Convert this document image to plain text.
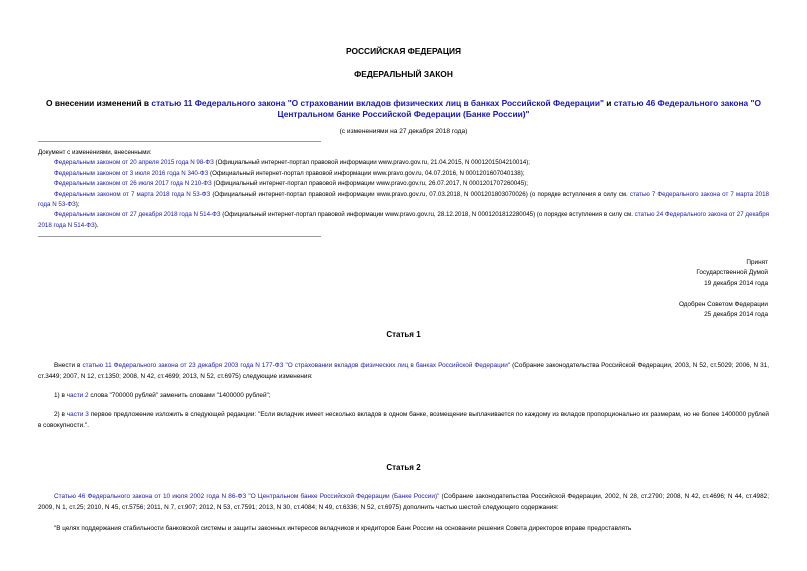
РОССИЙСКАЯ ФЕДЕРАЦИЯ
ФЕДЕРАЛЬНЫЙ ЗАКОН
О внесении изменений в статью 11 Федерального закона "О страховании вкладов физических лиц в банках Российской Федерации" и статью 46 Федерального закона "О Центральном банке Российской Федерации (Банке России)"
(с изменениями на 27 декабря 2018 года)

Документ с изменениями, внесенными:

Федеральным законом от 20 апреля 2015 года N 98-ФЗ (Официальный интернет-портал правовой информации www.pravo.gov.ru, 21.04.2015, N 0001201504210014);

Федеральным законом от 3 июля 2016 года N 340-ФЗ (Официальный интернет-портал правовой информации www.pravo.gov.ru, 04.07.2016, N 0001201607040138);

Федеральным законом от 26 июля 2017 года N 210-ФЗ (Официальный интернет-портал правовой информации www.pravo.gov.ru, 26.07.2017, N 0001201707260045);

Федеральным законом от 7 марта 2018 года N 53-ФЗ (Официальный интернет-портал правовой информации www.pravo.gov.ru, 07.03.2018, N 0001201803070026) (о порядке вступления в силу см. статью 7 Федерального закона от 7 марта 2018 года N 53-ФЗ);

Федеральным законом от 27 декабря 2018 года N 514-ФЗ (Официальный интернет-портал правовой информации www.pravo.gov.ru, 28.12.2018, N 0001201812280045) (о порядке вступления в силу см. статью 24 Федерального закона от 27 декабря 2018 года N 514-ФЗ).

Принят
Государственной Думой
19 декабря 2014 года
Одобрен Советом Федерации
25 декабря 2014 года
Статья 1

Внести в статью 11 Федерального закона от 23 декабря 2003 года N 177-ФЗ "О страховании вкладов физических лиц в банках Российской Федерации" (Собрание законодательства Российской Федерации, 2003, N 52, ст.5029; 2006, N 31, ст.3449; 2007, N 12, ст.1350; 2008, N 42, ст.4699; 2013, N 52, ст.6975) следующие изменения:

1) в части 2 слова "700000 рублей" заменить словами "1400000 рублей";

2) в части 3 первое предложение изложить в следующей редакции: "Если вкладчик имеет несколько вкладов в одном банке, возмещение выплачивается по каждому из вкладов пропорционально их размерам, но не более 1400000 рублей в совокупности.".

Статья 2

Статью 46 Федерального закона от 10 июля 2002 года N 86-ФЗ "О Центральном банке Российской Федерации (Банке России)" (Собрание законодательства Российской Федерации, 2002, N 28, ст.2790; 2008, N 42, ст.4696; N 44, ст.4982; 2009, N 1, ст.25; 2010, N 45, ст.5756; 2011, N 7, ст.907; 2012, N 53, ст.7591; 2013, N 30, ст.4084; N 49, ст.6336; N 52, ст.6975) дополнить частью шестой следующего содержания:

"В целях поддержания стабильности банковской системы и защиты законных интересов вкладчиков и кредиторов Банк России на основании решения Совета директоров вправе предоставлять
